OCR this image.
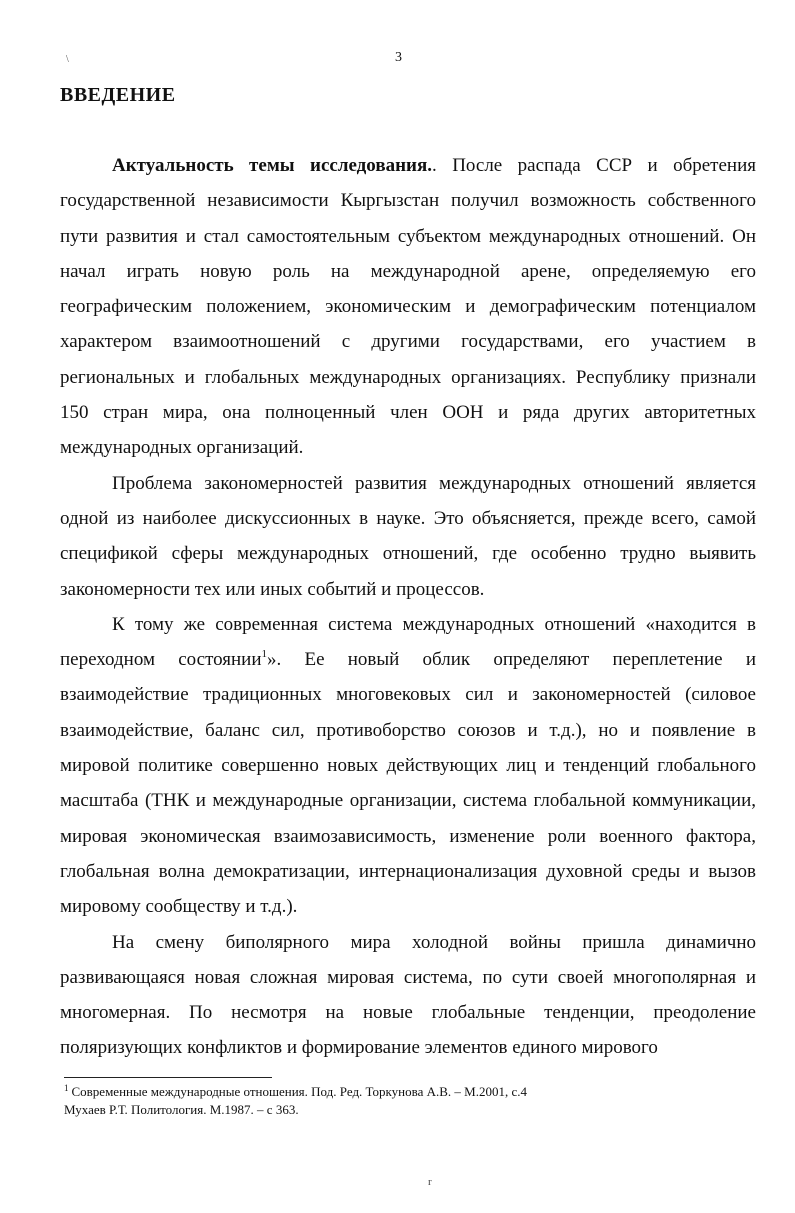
\	3
ВВЕДЕНИЕ

Актуальность темы исследования.. После распада ССР и обретения государственной независимости Кыргызстан получил возможность собственного пути развития и стал самостоятельным субъектом международных отношений. Он начал играть новую роль на международной арене, определяемую его географическим положением, экономическим и демографическим потенциалом характером взаимоотношений с другими государствами, его участием в региональных и глобальных международных организациях. Республику признали 150 стран мира, она полноценный член ООН и ряда других авторитетных международных организаций.

Проблема закономерностей развития международных отношений является одной из наиболее дискуссионных в науке. Это объясняется, прежде всего, самой спецификой сферы международных отношений, где особенно трудно выявить закономерности тех или иных событий и процессов.

К тому же современная система международных отношений «находится в переходном состоянии$^1$». Ее новый облик определяют переплетение и взаимодействие традиционных многовековых сил и закономерностей (силовое взаимодействие, баланс сил, противоборство союзов и т.д.), но и появление в мировой политике совершенно новых действующих лиц и тенденций глобального масштаба (ТНК и международные организации, система глобальной коммуникации, мировая экономическая взаимозависимость, изменение роли военного фактора, глобальная волна демократизации, интернационализация духовной среды и вызов мировому сообществу и т.д.).

На смену биполярного мира холодной войны пришла динамично развивающаяся новая сложная мировая система, по сути своей многополярная и многомерная. По несмотря на новые глобальные тенденции, преодоление поляризующих конфликтов и формирование элементов единого мирового

$^1$ Современные международные отношения. Под. Ред. Торкунова А.В. – М.2001, с.4
Мухаев Р.Т. Политология. М.1987. – с 363.
r
